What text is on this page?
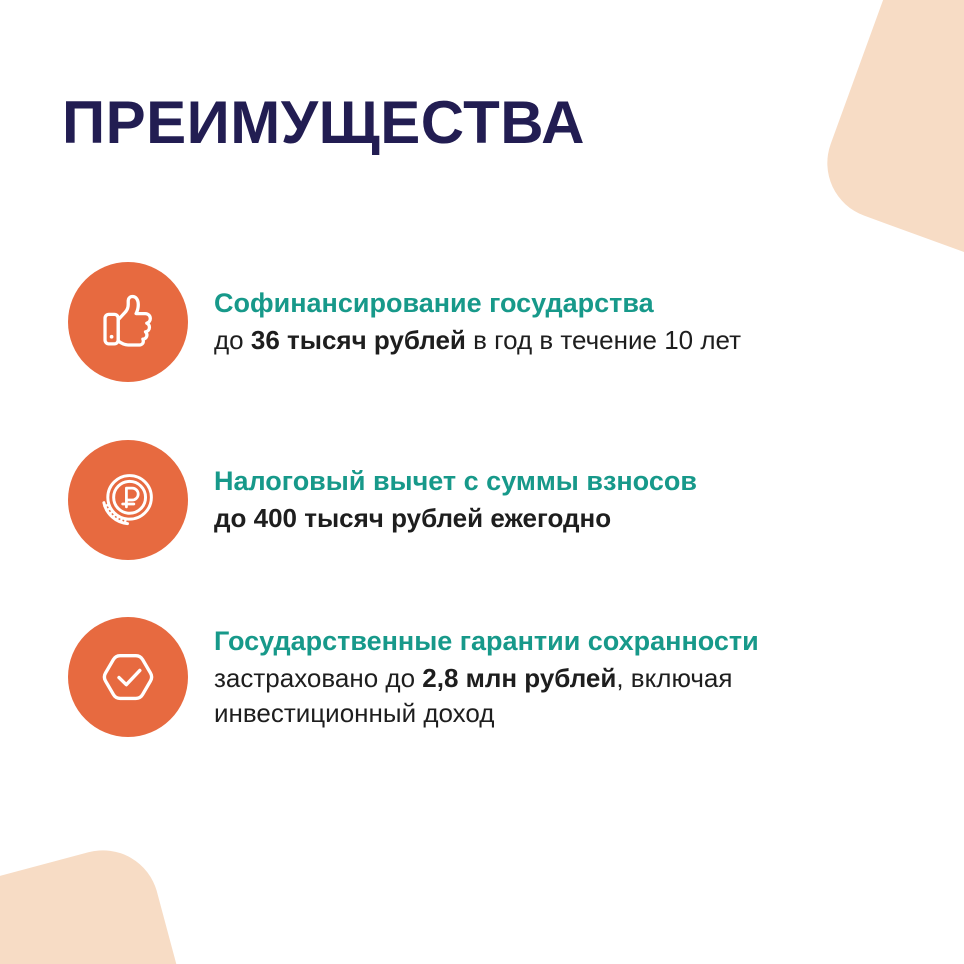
ПРЕИМУЩЕСТВА
Софинансирование государства
до 36 тысяч рублей в год в течение 10 лет
Налоговый вычет с суммы взносов
до 400 тысяч рублей ежегодно
Государственные гарантии сохранности
застраховано до 2,8 млн рублей, включая инвестиционный доход
